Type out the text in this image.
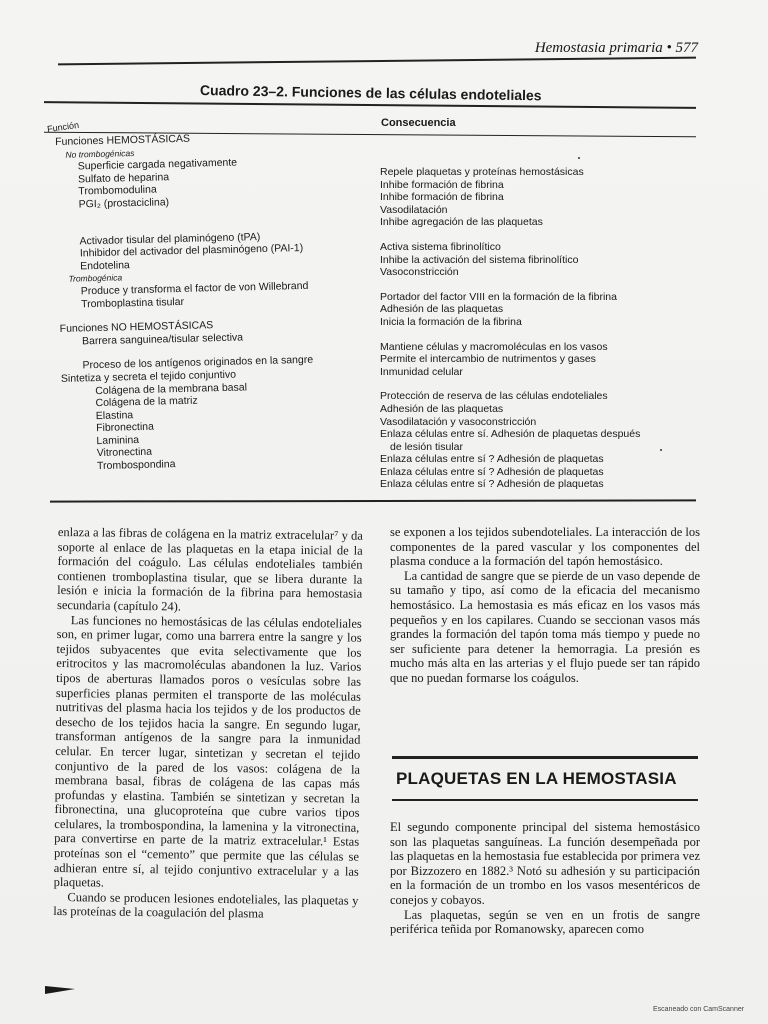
Hemostasia primaria • 577
Cuadro 23–2. Funciones de las células endoteliales
Función	Consecuencia
Funciones HEMOSTÁSICAS
No trombogénicas
Superficie cargada negativamente
Sulfato de heparina
Trombomodulina
PGI₂ (prostaciclina)
Activador tisular del plaminógeno (tPA)
Inhibidor del activador del plasminógeno (PAI-1)
Endotelina
Trombogénica
Produce y transforma el factor de von Willebrand
Tromboplastina tisular
Funciones NO HEMOSTÁSICAS
Barrera sanguinea/tisular selectiva
Proceso de los antígenos originados en la sangre
Sintetiza y secreta el tejido conjuntivo
Colágena de la membrana basal
Colágena de la matriz
Elastina
Fibronectina
Laminina
Vitronectina
Trombospondina
Repele plaquetas y proteínas hemostásicas
Inhibe formación de fibrina
Inhibe formación de fibrina
Vasodilatación
Inhibe agregación de las plaquetas
Activa sistema fibrinolítico
Inhibe la activación del sistema fibrinolítico
Vasoconstricción
Portador del factor VIII en la formación de la fibrina
Adhesión de las plaquetas
Inicia la formación de la fibrina
Mantiene células y macromoléculas en los vasos
Permite el intercambio de nutrimentos y gases
Inmunidad celular
Protección de reserva de las células endoteliales
Adhesión de las plaquetas
Vasodilatación y vasoconstricción
Enlaza células entre sí. Adhesión de plaquetas después
de lesión tisular
Enlaza células entre sí ? Adhesión de plaquetas
Enlaza células entre sí ? Adhesión de plaquetas
Enlaza células entre sí ? Adhesión de plaquetas

enlaza a las fibras de colágena en la matriz extracelular⁷ y da soporte al enlace de las plaquetas en la etapa inicial de la formación del coágulo. Las células endoteliales también contienen tromboplastina tisular, que se libera durante la lesión e inicia la formación de la fibrina para hemostasia secundaria (capítulo 24).

Las funciones no hemostásicas de las células endoteliales son, en primer lugar, como una barrera entre la sangre y los tejidos subyacentes que evita selectivamente que los eritrocitos y las macromoléculas abandonen la luz. Varios tipos de aberturas llamados poros o vesículas sobre las superficies planas permiten el transporte de las moléculas nutritivas del plasma hacia los tejidos y de los productos de desecho de los tejidos hacia la sangre. En segundo lugar, transforman antígenos de la sangre para la inmunidad celular. En tercer lugar, sintetizan y secretan el tejido conjuntivo de la pared de los vasos: colágena de la membrana basal, fibras de colágena de las capas más profundas y elastina. También se sintetizan y secretan la fibronectina, una glucoproteína que cubre varios tipos celulares, la trombospondina, la lamenina y la vitronectina, para convertirse en parte de la matriz extracelular.¹ Estas proteínas son el “cemento” que permite que las células se adhieran entre sí, al tejido conjuntivo extracelular y a las plaquetas.

Cuando se producen lesiones endoteliales, las plaquetas y las proteínas de la coagulación del plasma

se exponen a los tejidos subendoteliales. La interacción de los componentes de la pared vascular y los componentes del plasma conduce a la formación del tapón hemostásico.

La cantidad de sangre que se pierde de un vaso depende de su tamaño y tipo, así como de la eficacia del mecanismo hemostásico. La hemostasia es más eficaz en los vasos más pequeños y en los capilares. Cuando se seccionan vasos más grandes la formación del tapón toma más tiempo y puede no ser suficiente para detener la hemorragia. La presión es mucho más alta en las arterias y el flujo puede ser tan rápido que no puedan formarse los coágulos.

PLAQUETAS EN LA HEMOSTASIA

El segundo componente principal del sistema hemostásico son las plaquetas sanguíneas. La función desempeñada por las plaquetas en la hemostasia fue establecida por primera vez por Bizzozero en 1882.³ Notó su adhesión y su participación en la formación de un trombo en los vasos mesentéricos de conejos y cobayos.

Las plaquetas, según se ven en un frotis de sangre periférica teñida por Romanowsky, aparecen como

Escaneado con CamScanner
